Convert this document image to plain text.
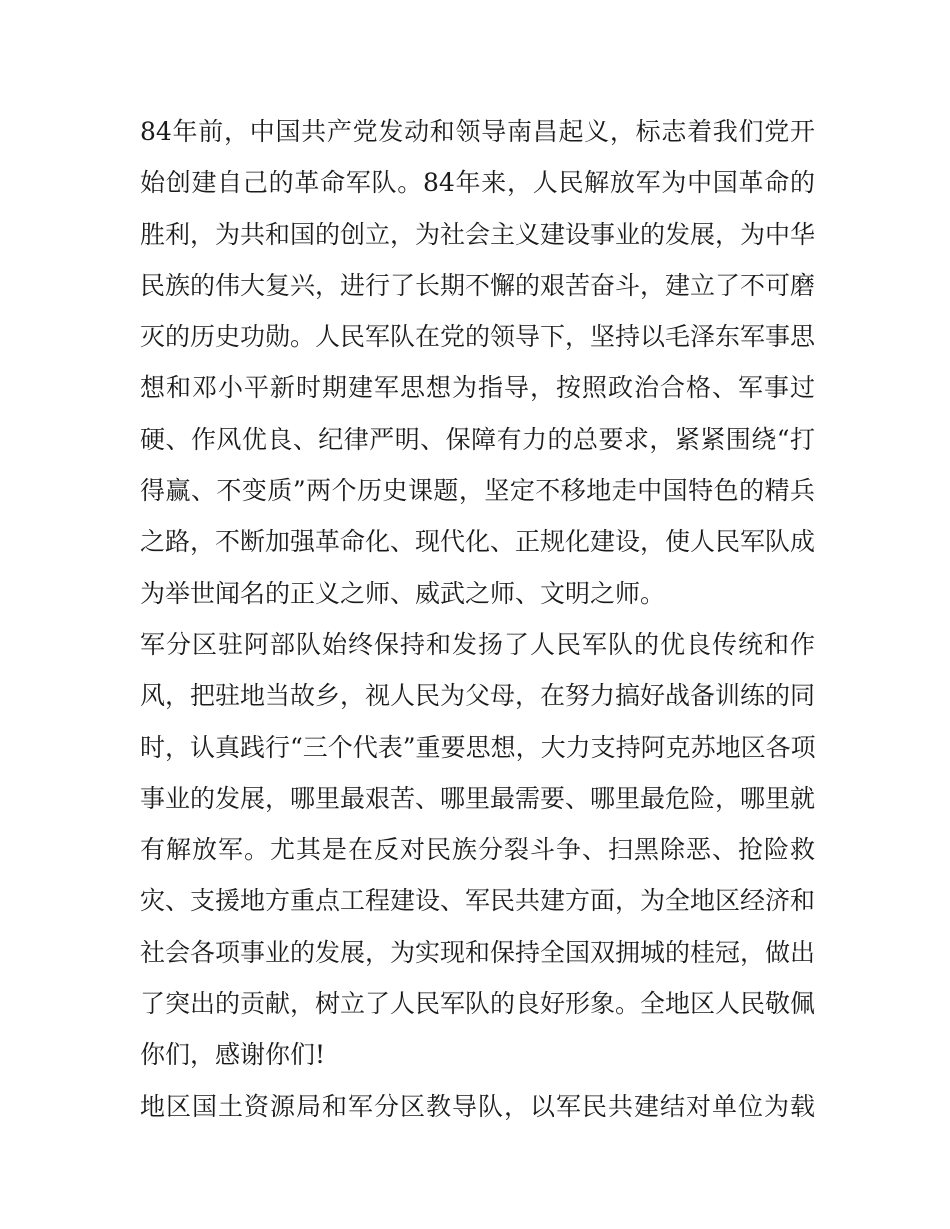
84年前，中国共产党发动和领导南昌起义，标志着我们党开
始创建自己的革命军队。84年来，人民解放军为中国革命的
胜利，为共和国的创立，为社会主义建设事业的发展，为中华
民族的伟大复兴，进行了长期不懈的艰苦奋斗，建立了不可磨
灭的历史功勋。人民军队在党的领导下，坚持以毛泽东军事思
想和邓小平新时期建军思想为指导，按照政治合格、军事过
硬、作风优良、纪律严明、保障有力的总要求，紧紧围绕“打
得赢、不变质”两个历史课题，坚定不移地走中国特色的精兵
之路，不断加强革命化、现代化、正规化建设，使人民军队成
为举世闻名的正义之师、威武之师、文明之师。
军分区驻阿部队始终保持和发扬了人民军队的优良传统和作
风，把驻地当故乡，视人民为父母，在努力搞好战备训练的同
时，认真践行“三个代表”重要思想，大力支持阿克苏地区各项
事业的发展，哪里最艰苦、哪里最需要、哪里最危险，哪里就
有解放军。尤其是在反对民族分裂斗争、扫黑除恶、抢险救
灾、支援地方重点工程建设、军民共建方面，为全地区经济和
社会各项事业的发展，为实现和保持全国双拥城的桂冠，做出
了突出的贡献，树立了人民军队的良好形象。全地区人民敬佩
你们，感谢你们!
地区国土资源局和军分区教导队，以军民共建结对单位为载
